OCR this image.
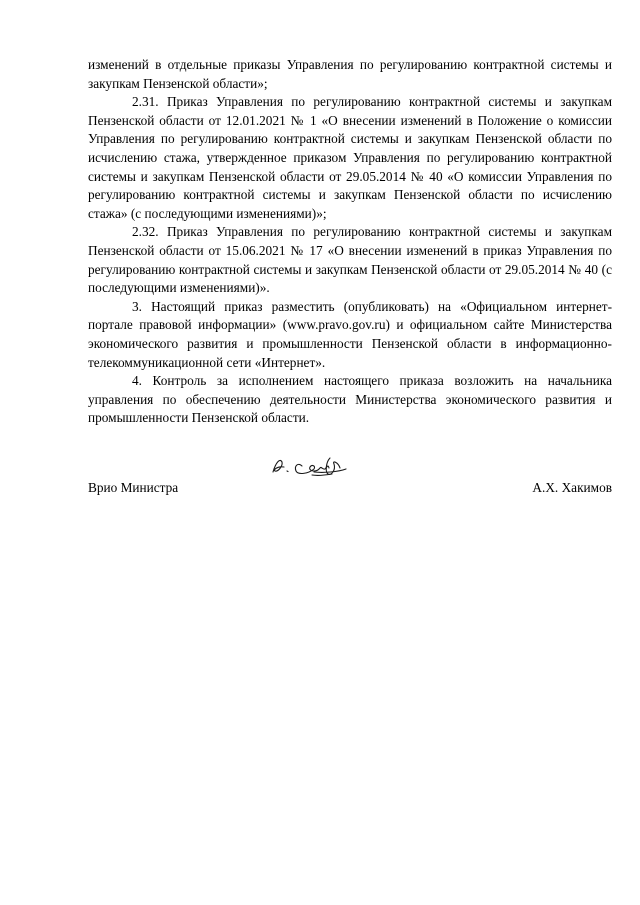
изменений в отдельные приказы Управления по регулированию контрактной системы и закупкам Пензенской области»;

2.31. Приказ Управления по регулированию контрактной системы и закупкам Пензенской области от 12.01.2021 № 1 «О внесении изменений в Положение о комиссии Управления по регулированию контрактной системы и закупкам Пензенской области по исчислению стажа, утвержденное приказом Управления по регулированию контрактной системы и закупкам Пензенской области от 29.05.2014 № 40 «О комиссии Управления по регулированию контрактной системы и закупкам Пензенской области по исчислению стажа» (с последующими изменениями)»;

2.32. Приказ Управления по регулированию контрактной системы и закупкам Пензенской области от 15.06.2021 № 17 «О внесении изменений в приказ Управления по регулированию контрактной системы и закупкам Пензенской области от 29.05.2014 № 40 (с последующими изменениями)».

3. Настоящий приказ разместить (опубликовать) на «Официальном интернет-портале правовой информации» (www.pravo.gov.ru) и официальном сайте Министерства экономического развития и промышленности Пензенской области в информационно-телекоммуникационной сети «Интернет».

4. Контроль за исполнением настоящего приказа возложить на начальника управления по обеспечению деятельности Министерства экономического развития и промышленности Пензенской области.

Врио Министра	А.Х. Хакимов
